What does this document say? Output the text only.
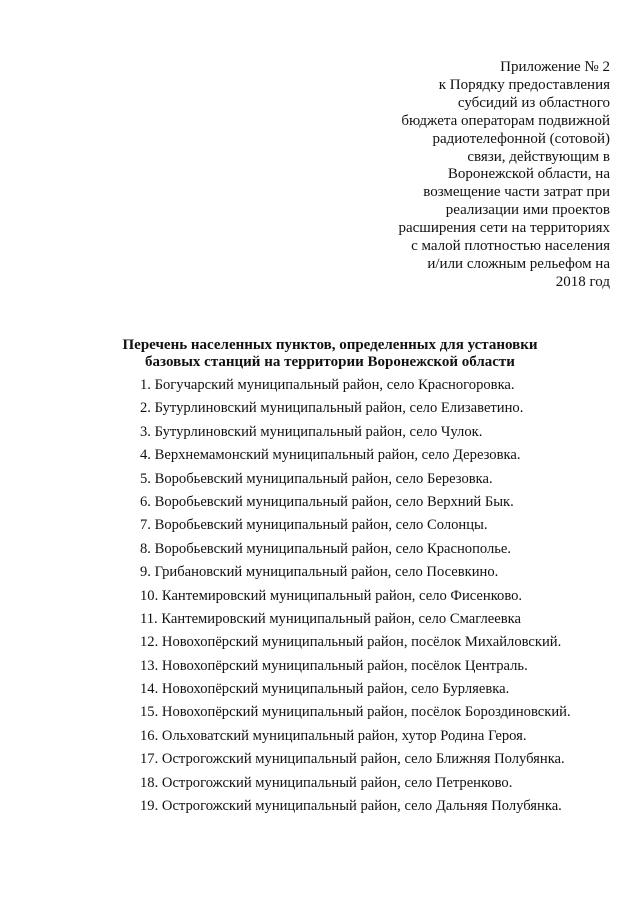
Приложение № 2
к Порядку предоставления
субсидий из областного
бюджета операторам подвижной
радиотелефонной (сотовой)
связи, действующим в
Воронежской области, на
возмещение части затрат при
реализации ими проектов
расширения сети на территориях
с малой плотностью населения
и/или сложным рельефом на
2018 год
Перечень населенных пунктов, определенных для установки
базовых станций на территории Воронежской области
1. Богучарский муниципальный район, село Красногоровка.
2. Бутурлиновский муниципальный район, село Елизаветино.
3. Бутурлиновский муниципальный район, село Чулок.
4. Верхнемамонский муниципальный район, село Дерезовка.
5. Воробьевский муниципальный район, село Березовка.
6. Воробьевский муниципальный район, село Верхний Бык.
7. Воробьевский муниципальный район, село Солонцы.
8. Воробьевский муниципальный район, село Краснополье.
9. Грибановский муниципальный район, село Посевкино.
10. Кантемировский муниципальный район, село Фисенково.
11. Кантемировский муниципальный район, село Смаглеевка
12. Новохопёрский муниципальный район, посёлок Михайловский.
13. Новохопёрский муниципальный район, посёлок Централь.
14. Новохопёрский муниципальный район, село Бурляевка.
15. Новохопёрский муниципальный район, посёлок Бороздиновский.
16. Ольховатский муниципальный район, хутор Родина Героя.
17. Острогожский муниципальный район, село Ближняя Полубянка.
18. Острогожский муниципальный район, село Петренково.
19. Острогожский муниципальный район, село Дальняя Полубянка.
